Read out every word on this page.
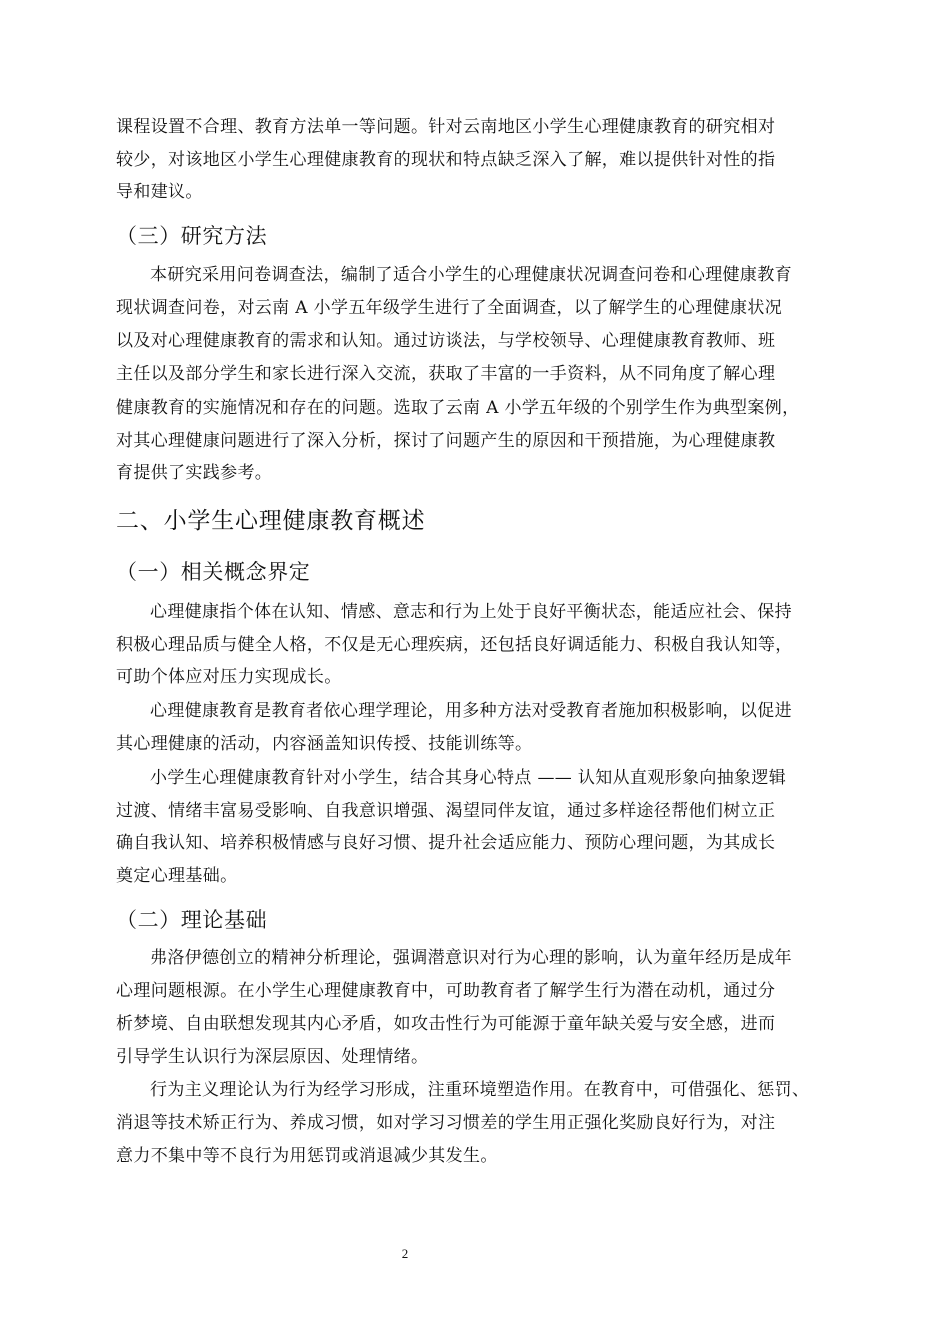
课程设置不合理、教育方法单一等问题。针对云南地区小学生心理健康教育的研究相对
较少，对该地区小学生心理健康教育的现状和特点缺乏深入了解，难以提供针对性的指
导和建议。
（三）研究方法
本研究采用问卷调查法，编制了适合小学生的心理健康状况调查问卷和心理健康教育
现状调查问卷，对云南 A 小学五年级学生进行了全面调查，以了解学生的心理健康状况
以及对心理健康教育的需求和认知。通过访谈法，与学校领导、心理健康教育教师、班
主任以及部分学生和家长进行深入交流，获取了丰富的一手资料，从不同角度了解心理
健康教育的实施情况和存在的问题。选取了云南 A 小学五年级的个别学生作为典型案例，
对其心理健康问题进行了深入分析，探讨了问题产生的原因和干预措施，为心理健康教
育提供了实践参考。
二、小学生心理健康教育概述
（一）相关概念界定
心理健康指个体在认知、情感、意志和行为上处于良好平衡状态，能适应社会、保持
积极心理品质与健全人格，不仅是无心理疾病，还包括良好调适能力、积极自我认知等，
可助个体应对压力实现成长。
心理健康教育是教育者依心理学理论，用多种方法对受教育者施加积极影响，以促进
其心理健康的活动，内容涵盖知识传授、技能训练等。
小学生心理健康教育针对小学生，结合其身心特点 —— 认知从直观形象向抽象逻辑
过渡、情绪丰富易受影响、自我意识增强、渴望同伴友谊，通过多样途径帮他们树立正
确自我认知、培养积极情感与良好习惯、提升社会适应能力、预防心理问题，为其成长
奠定心理基础。
（二）理论基础
弗洛伊德创立的精神分析理论，强调潜意识对行为心理的影响，认为童年经历是成年
心理问题根源。在小学生心理健康教育中，可助教育者了解学生行为潜在动机，通过分
析梦境、自由联想发现其内心矛盾，如攻击性行为可能源于童年缺关爱与安全感，进而
引导学生认识行为深层原因、处理情绪。
行为主义理论认为行为经学习形成，注重环境塑造作用。在教育中，可借强化、惩罚、
消退等技术矫正行为、养成习惯，如对学习习惯差的学生用正强化奖励良好行为，对注
意力不集中等不良行为用惩罚或消退减少其发生。
2
